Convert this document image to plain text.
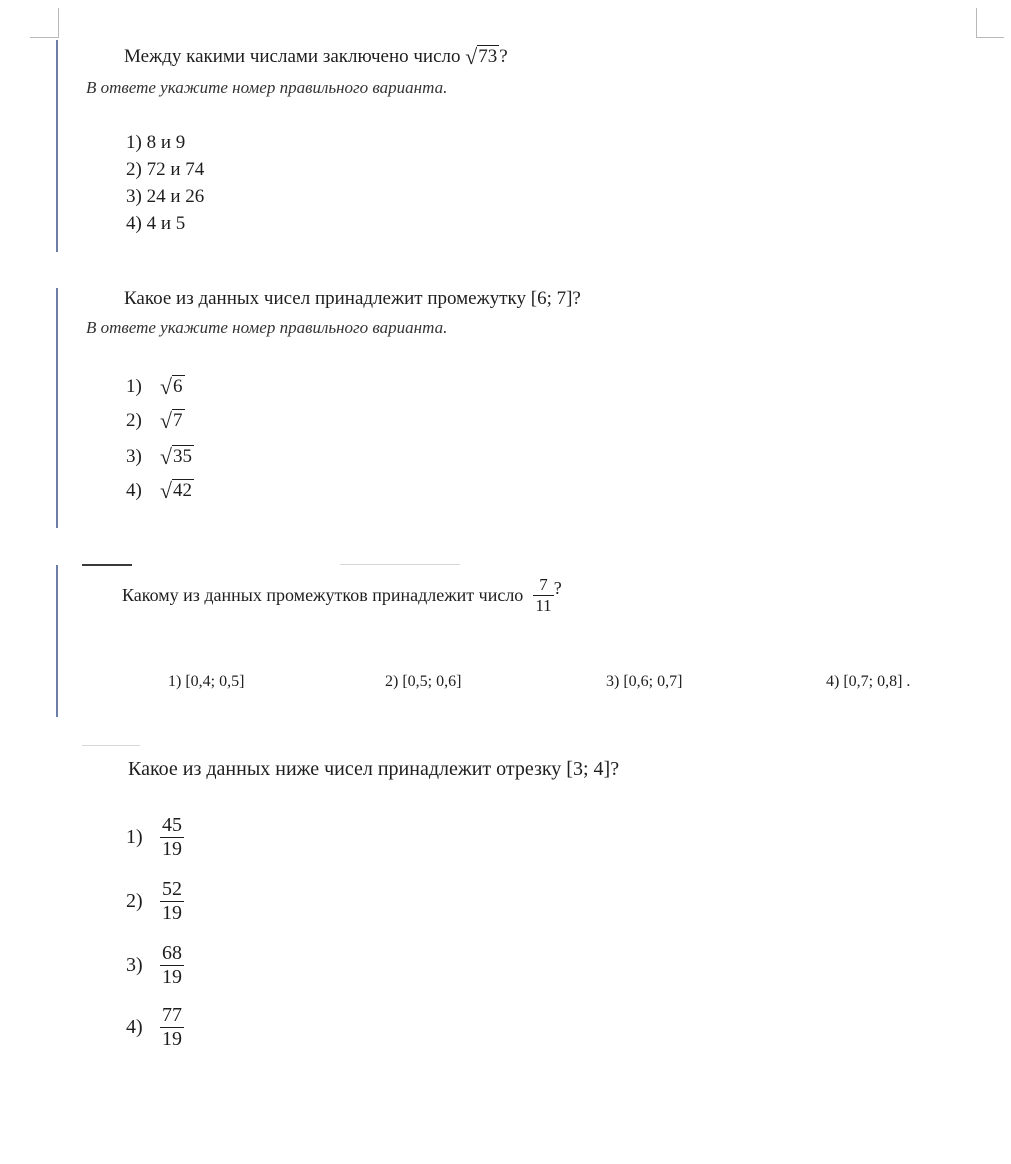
Между какими числами заключено число √73 ?
В ответе укажите номер правильного варианта.
1) 8 и 9
2) 72 и 74
3) 24 и 26
4) 4 и 5
Какое из данных чисел принадлежит промежутку [6; 7]?
В ответе укажите номер правильного варианта.
1) √6
2) √7
3) √35
4) √42
Какому из данных промежутков принадлежит число $\frac{7}{11}$ ?
1) [0,4; 0,5]	2) [0,5; 0,6]	3) [0,6; 0,7]	4) [0,7; 0,8] .
Какое из данных ниже чисел принадлежит отрезку [3; 4]?
$1) \frac{45}{19}$
$2) \frac{52}{19}$
$3) \frac{68}{19}$
$4) \frac{77}{19}$
